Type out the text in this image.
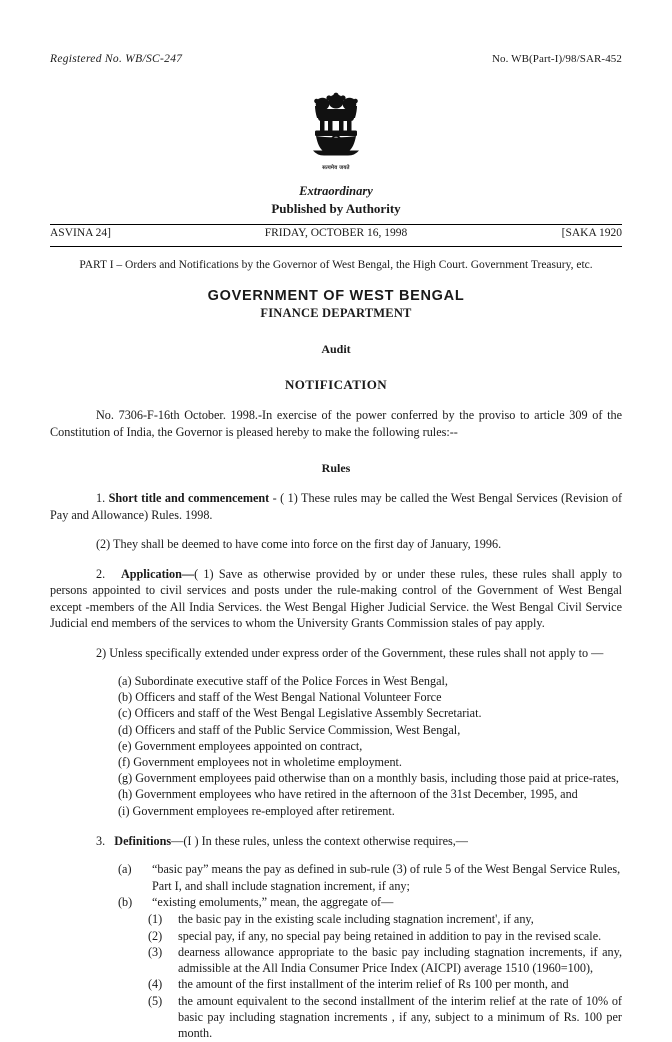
Registered No. WB/SC-247	No. WB(Part-I)/98/SAR-452
सत्यमेव जयते
Extraordinary
Published by Authority
ASVINA 24]	FRIDAY, OCTOBER 16, 1998	[SAKA 1920
PART I – Orders and Notifications by the Governor of West Bengal, the High Court. Government Treasury, etc.
GOVERNMENT OF WEST BENGAL
FINANCE DEPARTMENT
Audit
NOTIFICATION
No. 7306-F-16th October. 1998.-In exercise of the power conferred by the proviso to article 309 of the Constitution of India, the Governor is pleased hereby to make the following rules:--
Rules
1. Short title and commencement - ( 1) These rules may be called the West Bengal Services (Revision of Pay and Allowance) Rules. 1998.
(2) They shall be deemed to have come into force on the first day of January, 1996.
2. Application—( 1) Save as otherwise provided by or under these rules, these rules shall apply to persons appointed to civil services and posts under the rule-making control of the Government of West Bengal except -members of the All India Services. the West Bengal Higher Judicial Service. the West Bengal Civil Service Judicial end members of the services to whom the University Grants Commission stales of pay apply.
2) Unless specifically extended under express order of the Government, these rules shall not apply to —
(a) Subordinate executive staff of the Police Forces in West Bengal,
(b) Officers and staff of the West Bengal National Volunteer Force
(c) Officers and staff of the West Bengal Legislative Assembly Secretariat.
(d) Officers and staff of the Public Service Commission, West Bengal,
(e) Government employees appointed on contract,
(f) Government employees not in wholetime employment.
(g) Government employees paid otherwise than on a monthly basis, including those paid at price-rates,
(h) Government employees who have retired in the afternoon of the 31st December, 1995, and
(i) Government employees re-employed after retirement.
3. Definitions—(I ) In these rules, unless the context otherwise requires,—
(a)	“basic pay” means the pay as defined in sub-rule (3) of rule 5 of the West Bengal Service Rules, Part I, and shall include stagnation increment, if any;
(b)	“existing emoluments,” mean, the aggregate of—
(1)	the basic pay in the existing scale including stagnation increment', if any,
(2)	special pay, if any, no special pay being retained in addition to pay in the revised scale.
(3)	dearness allowance appropriate to the basic pay including stagnation increments, if any, admissible at the All India Consumer Price Index (AICPI) average 1510 (1960=100),
(4)	the amount of the first installment of the interim relief of Rs 100 per month, and
(5)	the amount equivalent to the second installment of the interim relief at the rate of 10% of basic pay including stagnation increments , if any, subject to a minimum of Rs. 100 per month.
